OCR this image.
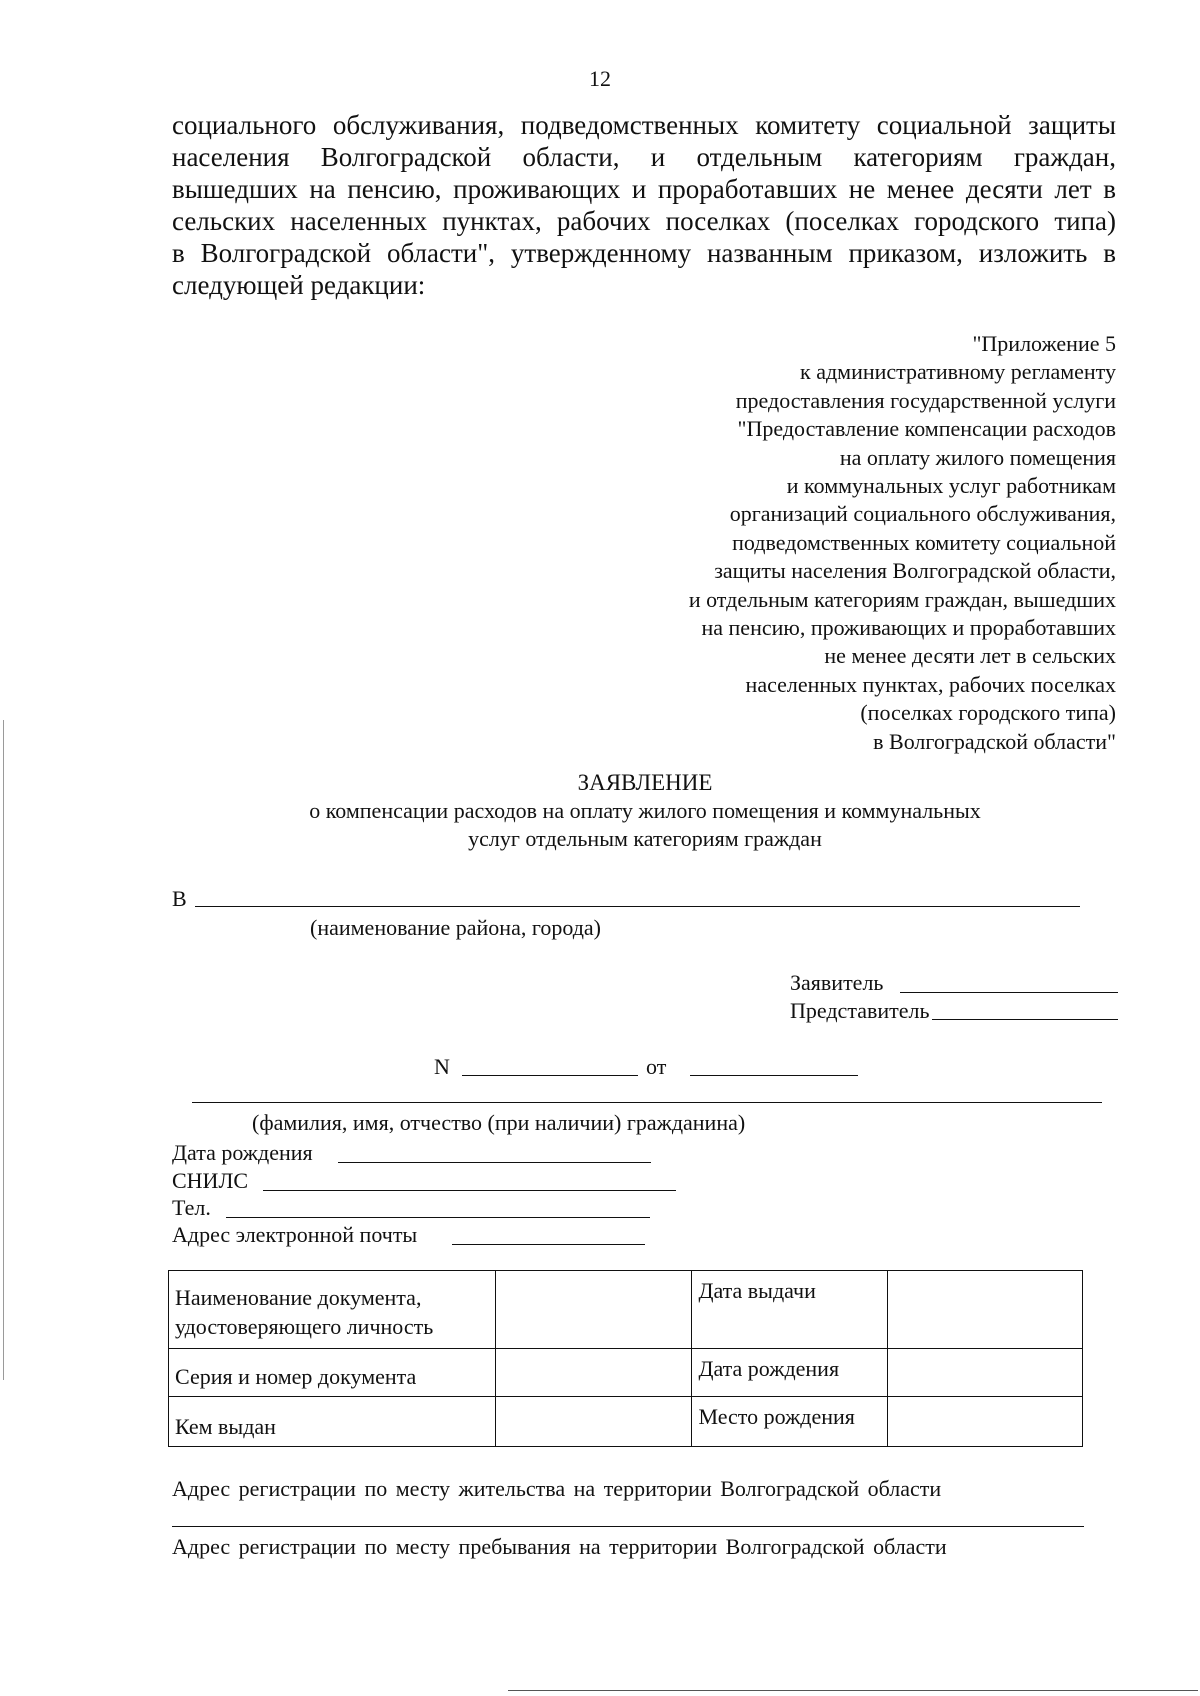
12
социального обслуживания, подведомственных комитету социальной защиты
населения Волгоградской области, и отдельным категориям граждан,
вышедших на пенсию, проживающих и проработавших не менее десяти лет в
сельских населенных пунктах, рабочих поселках (поселках городского типа)
в Волгоградской области", утвержденному названным приказом, изложить в
следующей редакции:
"Приложение 5
к административному регламенту
предоставления государственной услуги
"Предоставление компенсации расходов
на оплату жилого помещения
и коммунальных услуг работникам
организаций социального обслуживания,
подведомственных комитету социальной
защиты населения Волгоградской области,
и отдельным категориям граждан, вышедших
на пенсию, проживающих и проработавших
не менее десяти лет в сельских
населенных пунктах, рабочих поселках
(поселках городского типа)
в Волгоградской области"
ЗАЯВЛЕНИЕ
о компенсации расходов на оплату жилого помещения и коммунальных
услуг отдельным категориям граждан
В
(наименование района, города)
Заявитель
Представитель
N	от
(фамилия, имя, отчество (при наличии) гражданина)
Дата рождения
СНИЛС
Тел.
Адрес электронной почты
Наименование документа, удостоверяющего личность		Дата выдачи	
Серия и номер документа		Дата рождения	
Кем выдан		Место рождения	
Адрес регистрации по месту жительства на территории Волгоградской области
Адрес регистрации по месту пребывания на территории Волгоградской области
